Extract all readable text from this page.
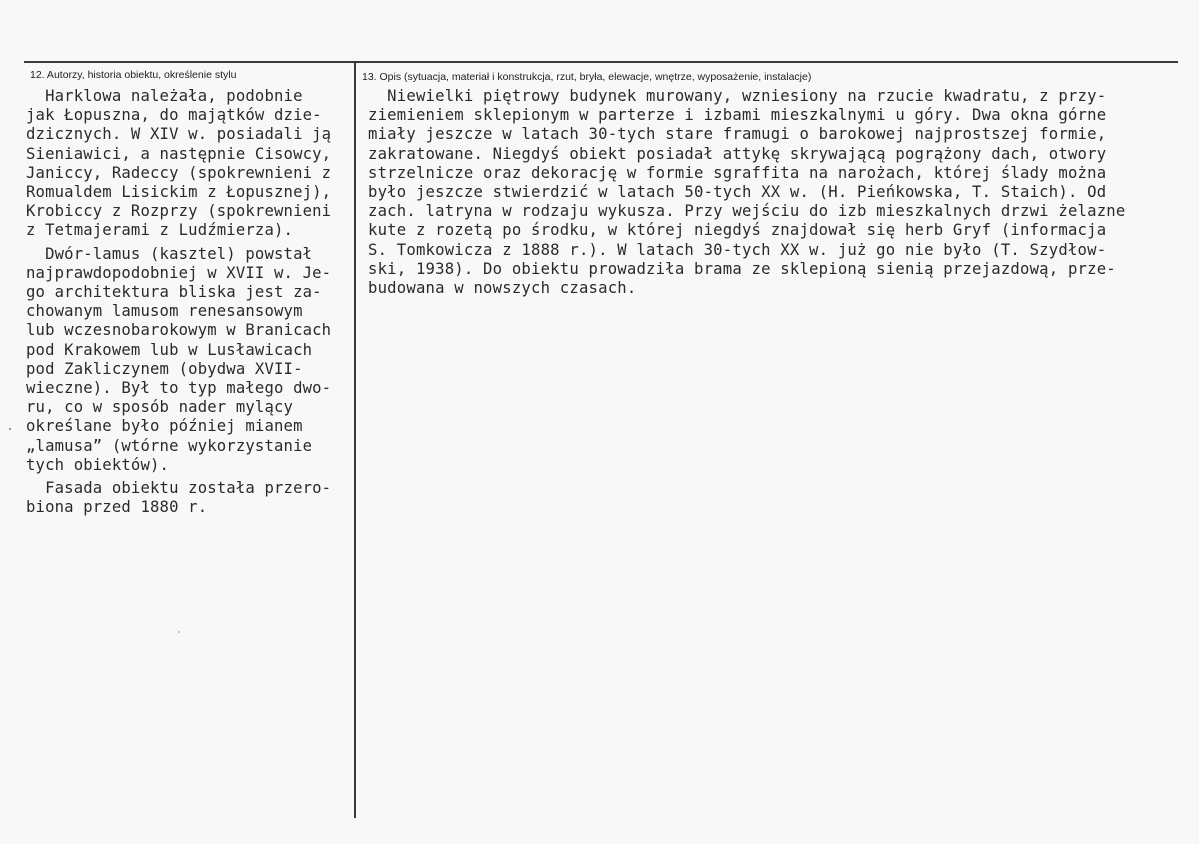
12. Autorzy, historia obiektu, określenie stylu	13. Opis (sytuacja, materiał i konstrukcja, rzut, bryła, elewacje, wnętrze, wyposażenie, instalacje)
Harklowa należała, podobnie
jak Łopuszna, do majątków dzie-
dzicznych. W XIV w. posiadali ją
Sieniawici, a następnie Cisowcy,
Janiccy, Radeccy (spokrewnieni z
Romualdem Lisickim z Łopusznej),
Krobiccy z Rozprzy (spokrewnieni
z Tetmajerami z Ludźmierza).
Dwór-lamus (kasztel) powstał
najprawdopodobniej w XVII w. Je-
go architektura bliska jest za-
chowanym lamusom renesansowym
lub wczesnobarokowym w Branicach
pod Krakowem lub w Lusławicach
pod Zakliczynem (obydwa XVII-
wieczne). Był to typ małego dwo-
ru, co w sposób nader mylący
określane było później mianem
„lamusa” (wtórne wykorzystanie
tych obiektów).
Fasada obiektu została przero-
biona przed 1880 r.
Niewielki piętrowy budynek murowany, wzniesiony na rzucie kwadratu, z przy-
ziemieniem sklepionym w parterze i izbami mieszkalnymi u góry. Dwa okna górne
miały jeszcze w latach 30-tych stare framugi o barokowej najprostszej formie,
zakratowane. Niegdyś obiekt posiadał attykę skrywającą pogrążony dach, otwory
strzelnicze oraz dekorację w formie sgraffita na narożach, której ślady można
było jeszcze stwierdzić w latach 50-tych XX w. (H. Pieńkowska, T. Staich). Od
zach. latryna w rodzaju wykusza. Przy wejściu do izb mieszkalnych drzwi żelazne
kute z rozetą po środku, w której niegdyś znajdował się herb Gryf (informacja
S. Tomkowicza z 1888 r.). W latach 30-tych XX w. już go nie było (T. Szydłow-
ski, 1938). Do obiektu prowadziła brama ze sklepioną sienią przejazdową, prze-
budowana w nowszych czasach.
